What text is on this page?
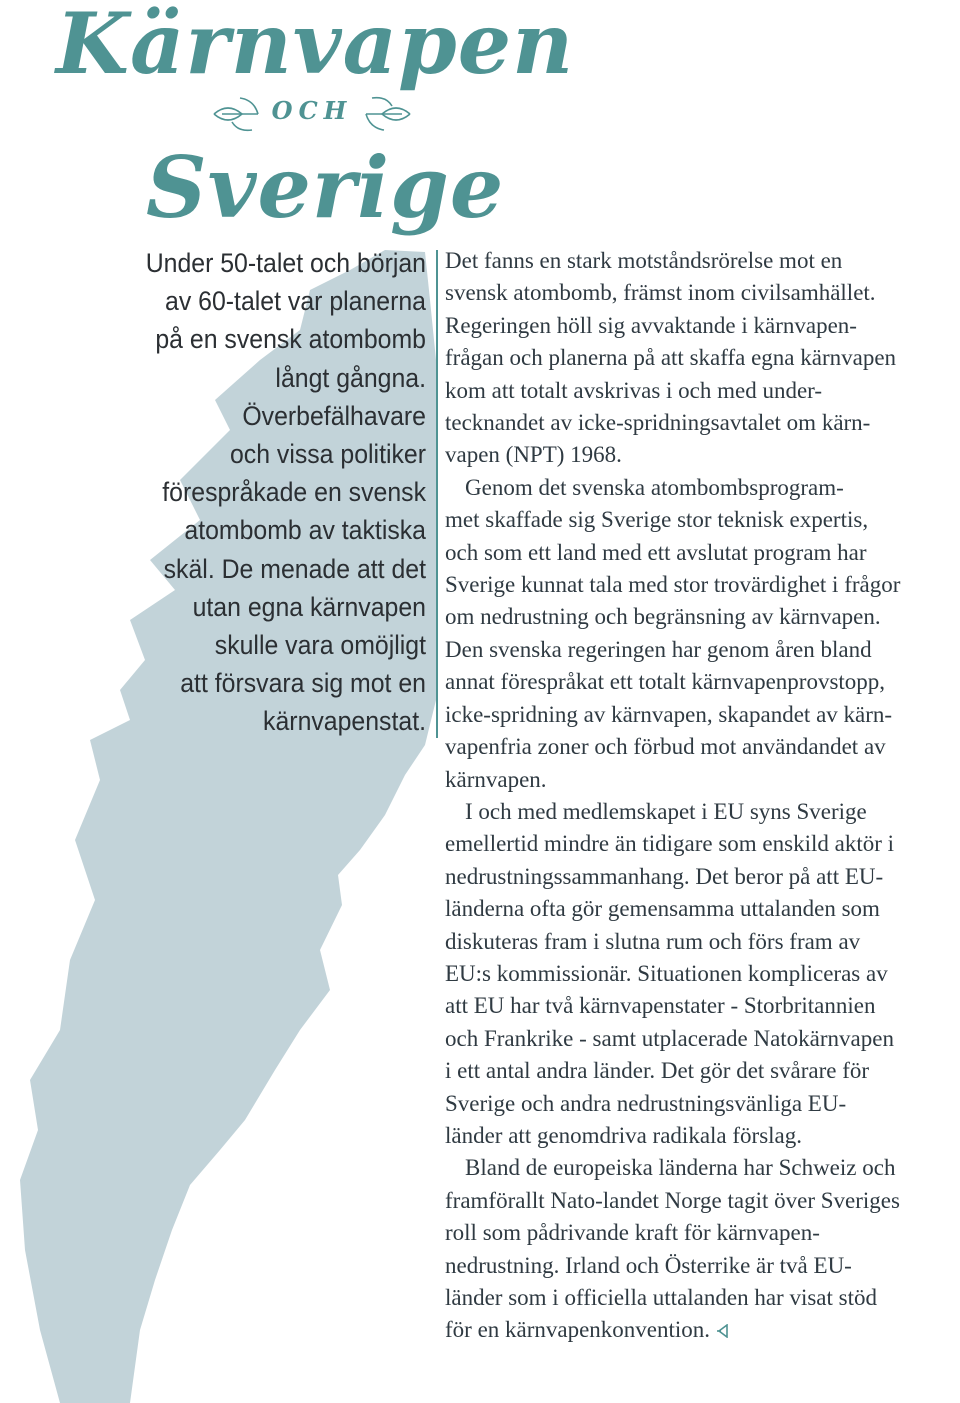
Kärnvapen
OCH
Sverige
Under 50-talet och början
av 60-talet var planerna
på en svensk atombomb
långt gångna.
Överbefälhavare
och vissa politiker
förespråkade en svensk
atombomb av taktiska
skäl. De menade att det
utan egna kärnvapen
skulle vara omöjligt
att försvara sig mot en
kärnvapenstat.
Det fanns en stark motståndsrörelse mot en
svensk atombomb, främst inom civilsamhället.
Regeringen höll sig avvaktande i kärnvapen-
frågan och planerna på att skaffa egna kärnvapen
kom att totalt avskrivas i och med under-
tecknandet av icke-spridningsavtalet om kärn-
vapen (NPT) 1968.
Genom det svenska atombombsprogram-
met skaffade sig Sverige stor teknisk expertis,
och som ett land med ett avslutat program har
Sverige kunnat tala med stor trovärdighet i frågor
om nedrustning och begränsning av kärnvapen.
Den svenska regeringen har genom åren bland
annat förespråkat ett totalt kärnvapenprovstopp,
icke-spridning av kärnvapen, skapandet av kärn-
vapenfria zoner och förbud mot användandet av
kärnvapen.
I och med medlemskapet i EU syns Sverige
emellertid mindre än tidigare som enskild aktör i
nedrustningssammanhang. Det beror på att EU-
länderna ofta gör gemensamma uttalanden som
diskuteras fram i slutna rum och förs fram av
EU:s kommissionär. Situationen kompliceras av
att EU har två kärnvapenstater - Storbritannien
och Frankrike - samt utplacerade Natokärnvapen
i ett antal andra länder. Det gör det svårare för
Sverige och andra nedrustningsvänliga EU-
länder att genomdriva radikala förslag.
Bland de europeiska länderna har Schweiz och
framförallt Nato-landet Norge tagit över Sveriges
roll som pådrivande kraft för kärnvapen-
nedrustning. Irland och Österrike är två EU-
länder som i officiella uttalanden har visat stöd
för en kärnvapenkonvention.
